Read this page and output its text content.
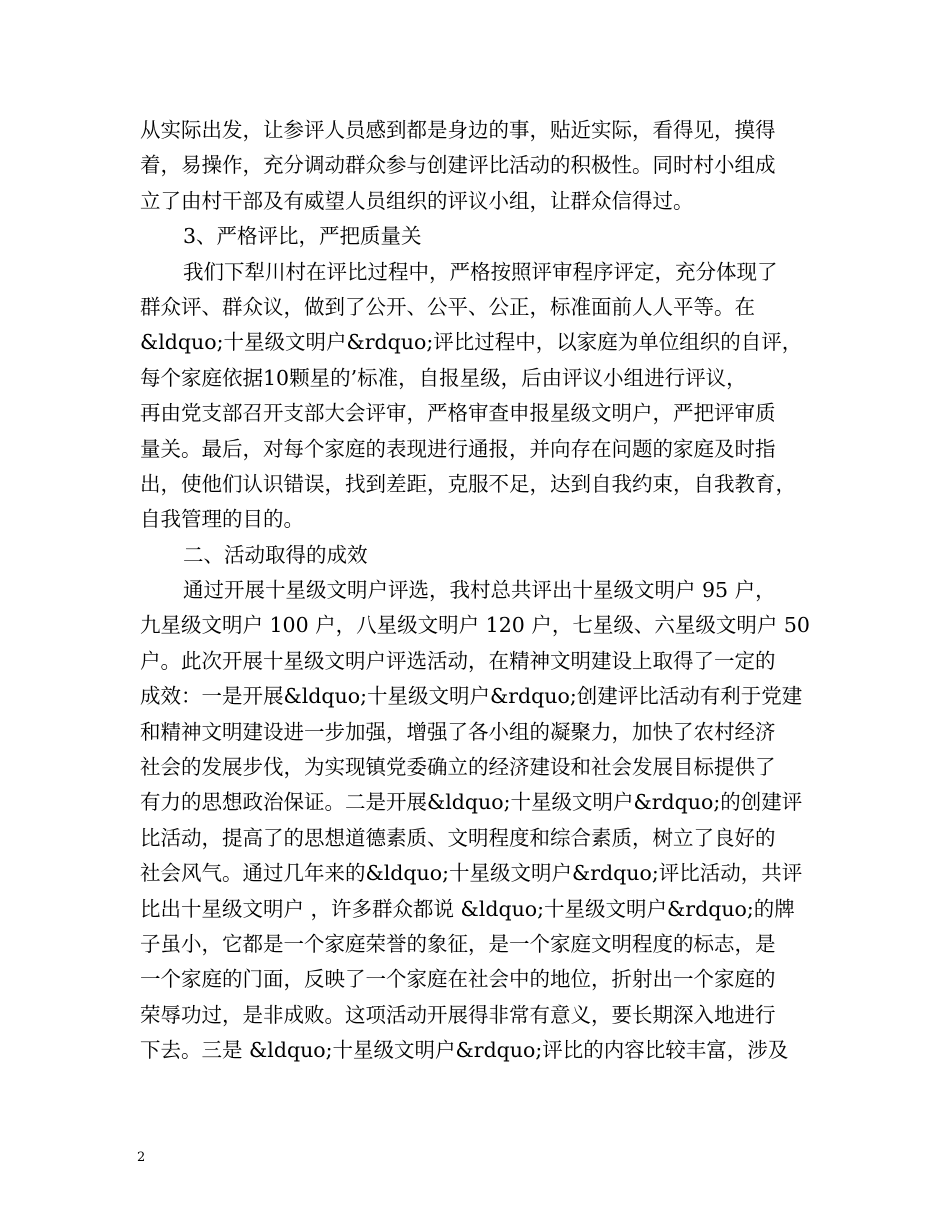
从实际出发，让参评人员感到都是身边的事，贴近实际，看得见，摸得
着，易操作，充分调动群众参与创建评比活动的积极性。同时村小组成
立了由村干部及有威望人员组织的评议小组，让群众信得过。
3、严格评比，严把质量关
我们下犁川村在评比过程中，严格按照评审程序评定，充分体现了
群众评、群众议，做到了公开、公平、公正，标准面前人人平等。在
&ldquo;十星级文明户&rdquo;评比过程中，以家庭为单位组织的自评，
每个家庭依据10颗星的’标准，自报星级，后由评议小组进行评议，
再由党支部召开支部大会评审，严格审查申报星级文明户，严把评审质
量关。最后，对每个家庭的表现进行通报，并向存在问题的家庭及时指
出，使他们认识错误，找到差距，克服不足，达到自我约束，自我教育，
自我管理的目的。
二、活动取得的成效
通过开展十星级文明户评选，我村总共评出十星级文明户 95 户，
九星级文明户 100 户，八星级文明户 120 户，七星级、六星级文明户 50
户。此次开展十星级文明户评选活动，在精神文明建设上取得了一定的
成效：一是开展&ldquo;十星级文明户&rdquo;创建评比活动有利于党建
和精神文明建设进一步加强，增强了各小组的凝聚力，加快了农村经济
社会的发展步伐，为实现镇党委确立的经济建设和社会发展目标提供了
有力的思想政治保证。二是开展&ldquo;十星级文明户&rdquo;的创建评
比活动，提高了的思想道德素质、文明程度和综合素质，树立了良好的
社会风气。通过几年来的&ldquo;十星级文明户&rdquo;评比活动，共评
比出十星级文明户 ，许多群众都说 &ldquo;十星级文明户&rdquo;的牌
子虽小，它都是一个家庭荣誉的象征，是一个家庭文明程度的标志，是
一个家庭的门面，反映了一个家庭在社会中的地位，折射出一个家庭的
荣辱功过，是非成败。这项活动开展得非常有意义，要长期深入地进行
下去。三是 &ldquo;十星级文明户&rdquo;评比的内容比较丰富，涉及
2
